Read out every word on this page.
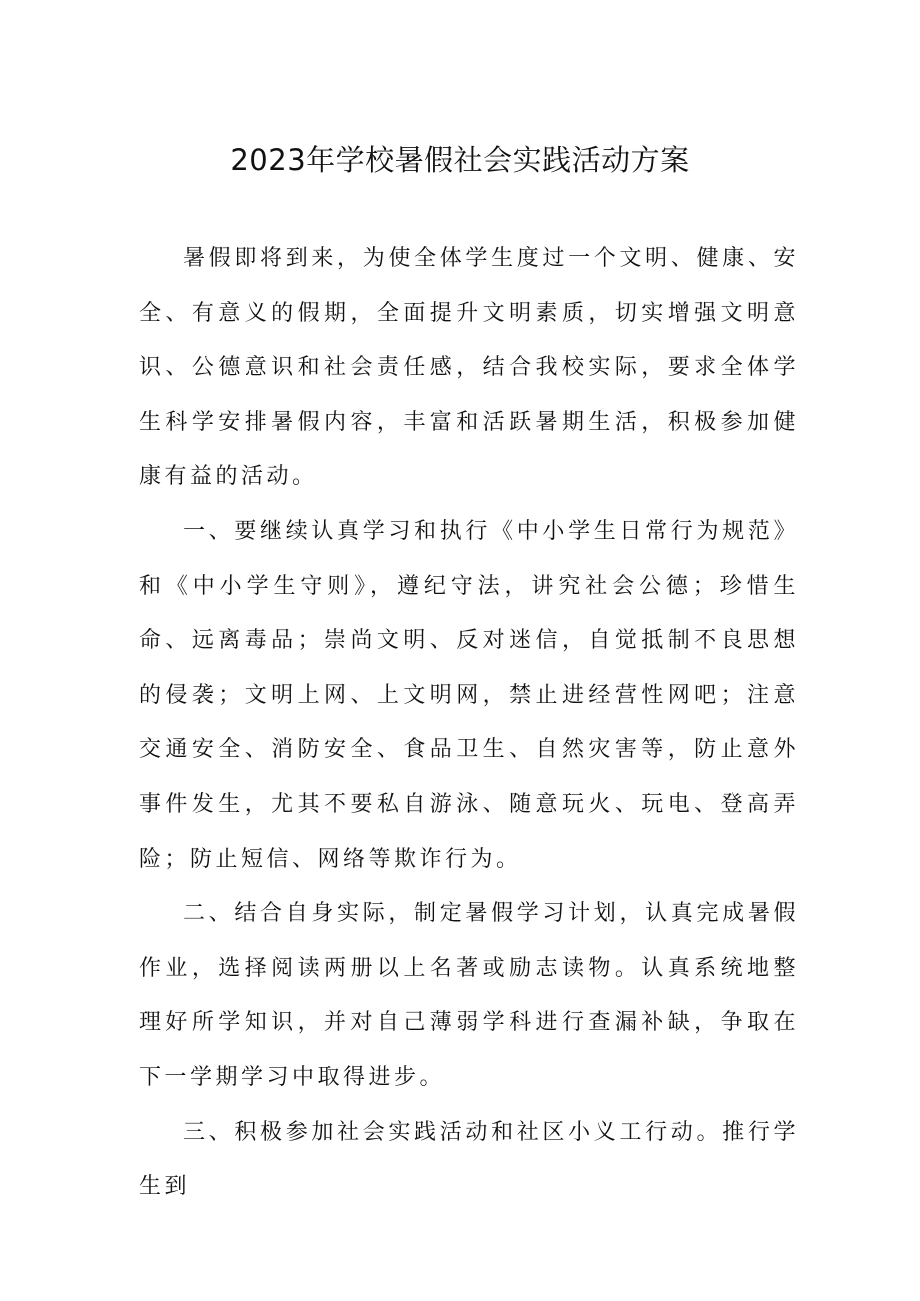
2023年学校暑假社会实践活动方案

暑假即将到来，为使全体学生度过一个文明、健康、安全、有意义的假期，全面提升文明素质，切实增强文明意识、公德意识和社会责任感，结合我校实际，要求全体学生科学安排暑假内容，丰富和活跃暑期生活，积极参加健康有益的活动。

一、要继续认真学习和执行《中小学生日常行为规范》和《中小学生守则》，遵纪守法，讲究社会公德；珍惜生命、远离毒品；崇尚文明、反对迷信，自觉抵制不良思想的侵袭；文明上网、上文明网，禁止进经营性网吧；注意交通安全、消防安全、食品卫生、自然灾害等，防止意外事件发生，尤其不要私自游泳、随意玩火、玩电、登高弄险；防止短信、网络等欺诈行为。

二、结合自身实际，制定暑假学习计划，认真完成暑假作业，选择阅读两册以上名著或励志读物。认真系统地整理好所学知识，并对自己薄弱学科进行查漏补缺，争取在下一学期学习中取得进步。

三、积极参加社会实践活动和社区小义工行动。推行学生到
